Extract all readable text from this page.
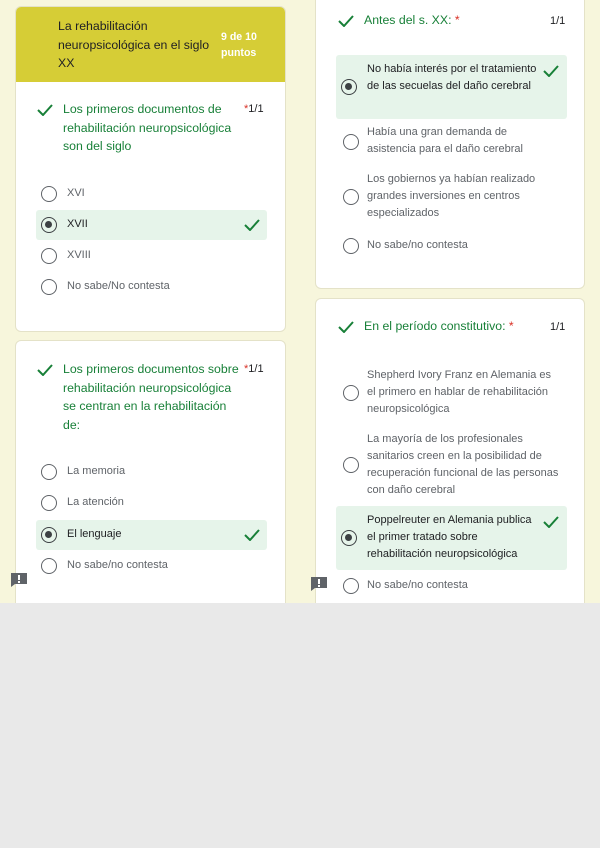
La rehabilitación neuropsicológica en el siglo XX
9 de 10 puntos
Los primeros documentos de rehabilitación neuropsicológica son del siglo
*1/1
XVI
XVII
XVIII
No sabe/No contesta
Los primeros documentos sobre rehabilitación neuropsicológica se centran en la rehabilitación de:
*1/1
La memoria
La atención
El lenguaje
No sabe/no contesta
Antes del s. XX: *	1/1
No había interés por el tratamiento de las secuelas del daño cerebral
Había una gran demanda de asistencia para el daño cerebral
Los gobiernos ya habían realizado grandes inversiones en centros especializados
No sabe/no contesta
En el período constitutivo: *	1/1
Shepherd Ivory Franz en Alemania es el primero en hablar de rehabilitación neuropsicológica
La mayoría de los profesionales sanitarios creen en la posibilidad de recuperación funcional de las personas con daño cerebral
Poppelreuter en Alemania publica el primer tratado sobre rehabilitación neuropsicológica
No sabe/no contesta
